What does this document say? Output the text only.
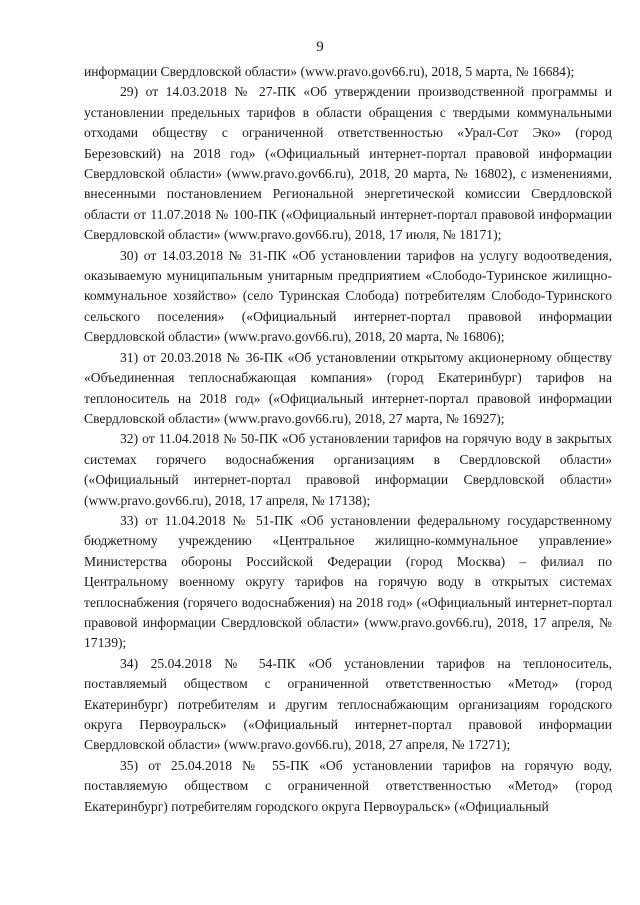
9

информации Свердловской области» (www.pravo.gov66.ru), 2018, 5 марта, № 16684);

29) от 14.03.2018 № 27-ПК «Об утверждении производственной программы и установлении предельных тарифов в области обращения с твердыми коммунальными отходами обществу с ограниченной ответственностью «Урал-Сот Эко» (город Березовский) на 2018 год» («Официальный интернет-портал правовой информации Свердловской области» (www.pravo.gov66.ru), 2018, 20 марта, № 16802), с изменениями, внесенными постановлением Региональной энергетической комиссии Свердловской области от 11.07.2018 № 100-ПК («Официальный интернет-портал правовой информации Свердловской области» (www.pravo.gov66.ru), 2018, 17 июля, № 18171);

30) от 14.03.2018 № 31-ПК «Об установлении тарифов на услугу водоотведения, оказываемую муниципальным унитарным предприятием «Слободо-Туринское жилищно-коммунальное хозяйство» (село Туринская Слобода) потребителям Слободо-Туринского сельского поселения» («Официальный интернет-портал правовой информации Свердловской области» (www.pravo.gov66.ru), 2018, 20 марта, № 16806);

31) от 20.03.2018 № 36-ПК «Об установлении открытому акционерному обществу «Объединенная теплоснабжающая компания» (город Екатеринбург) тарифов на теплоноситель на 2018 год» («Официальный интернет-портал правовой информации Свердловской области» (www.pravo.gov66.ru), 2018, 27 марта, № 16927);

32) от 11.04.2018 № 50-ПК «Об установлении тарифов на горячую воду в закрытых системах горячего водоснабжения организациям в Свердловской области» («Официальный интернет-портал правовой информации Свердловской области» (www.pravo.gov66.ru), 2018, 17 апреля, № 17138);

33) от 11.04.2018 № 51-ПК «Об установлении федеральному государственному бюджетному учреждению «Центральное жилищно-коммунальное управление» Министерства обороны Российской Федерации (город Москва) – филиал по Центральному военному округу тарифов на горячую воду в открытых системах теплоснабжения (горячего водоснабжения) на 2018 год» («Официальный интернет-портал правовой информации Свердловской области» (www.pravo.gov66.ru), 2018, 17 апреля, № 17139);

34) 25.04.2018 № 54-ПК «Об установлении тарифов на теплоноситель, поставляемый обществом с ограниченной ответственностью «Метод» (город Екатеринбург) потребителям и другим теплоснабжающим организациям городского округа Первоуральск» («Официальный интернет-портал правовой информации Свердловской области» (www.pravo.gov66.ru), 2018, 27 апреля, № 17271);

35) от 25.04.2018 № 55-ПК «Об установлении тарифов на горячую воду, поставляемую обществом с ограниченной ответственностью «Метод» (город Екатеринбург) потребителям городского округа Первоуральск» («Официальный
